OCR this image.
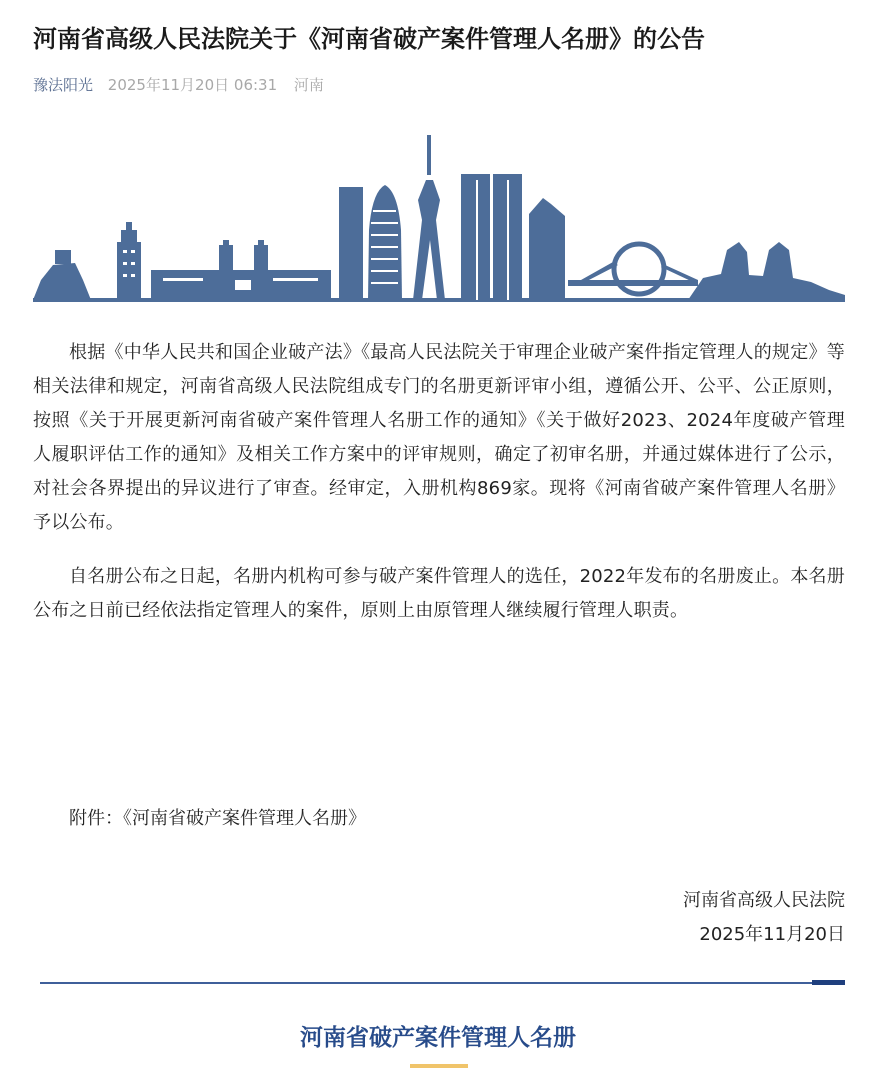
河南省高级人民法院关于《河南省破产案件管理人名册》的公告
豫法阳光 2025年11月20日 06:31 河南

根据《中华人民共和国企业破产法》《最高人民法院关于审理企业破产案件指定管理人的规定》等相关法律和规定，河南省高级人民法院组成专门的名册更新评审小组，遵循公开、公平、公正原则，按照《关于开展更新河南省破产案件管理人名册工作的通知》《关于做好2023、2024年度破产管理人履职评估工作的通知》及相关工作方案中的评审规则，确定了初审名册，并通过媒体进行了公示，对社会各界提出的异议进行了审查。经审定，入册机构869家。现将《河南省破产案件管理人名册》予以公布。

自名册公布之日起，名册内机构可参与破产案件管理人的选任，2022年发布的名册废止。本名册公布之日前已经依法指定管理人的案件，原则上由原管理人继续履行管理人职责。

附件：《河南省破产案件管理人名册》
河南省高级人民法院
2025年11月20日
河南省破产案件管理人名册
